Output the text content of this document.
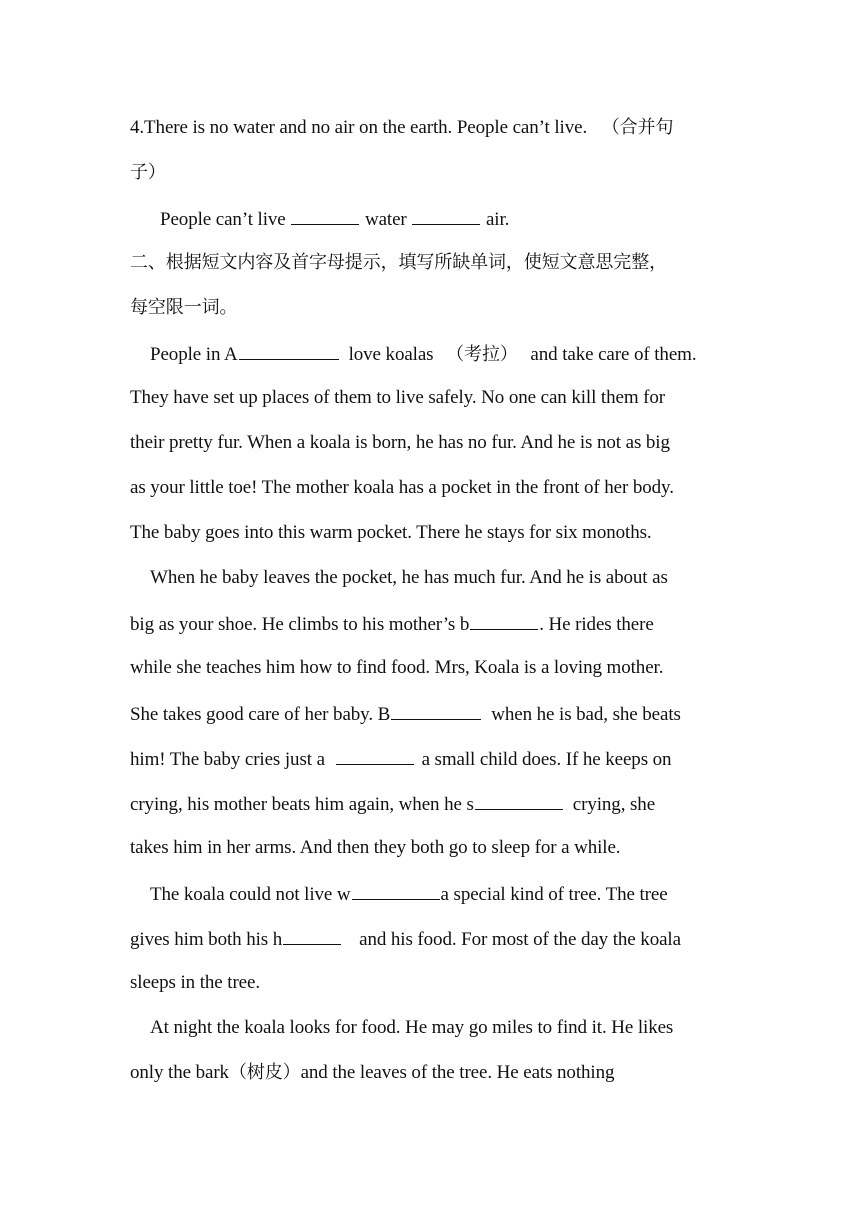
4.There is no water and no air on the earth. People can’t live. （合并句
子）
People can’t live	water	air.
二、根据短文内容及首字母提示，填写所缺单词，使短文意思完整，
每空限一词。
People in A	love koalas （考拉） and take care of them.
They have set up places of them to live safely. No one can kill them for
their pretty fur. When a koala is born, he has no fur. And he is not as big
as your little toe! The mother koala has a pocket in the front of her body.
The baby goes into this warm pocket. There he stays for six monoths.
When he baby leaves the pocket, he has much fur. And he is about as
big as your shoe. He climbs to his mother’s b	. He rides there
while she teaches him how to find food. Mrs, Koala is a loving mother.
She takes good care of her baby. B	when he is bad, she beats
him! The baby cries just a	a small child does. If he keeps on
crying, his mother beats him again, when he s	crying, she
takes him in her arms. And then they both go to sleep for a while.
The koala could not live w	a special kind of tree. The tree
gives him both his h	and his food. For most of the day the koala
sleeps in the tree.
At night the koala looks for food. He may go miles to find it. He likes
only the bark（树皮）and the leaves of the tree. He eats nothing
